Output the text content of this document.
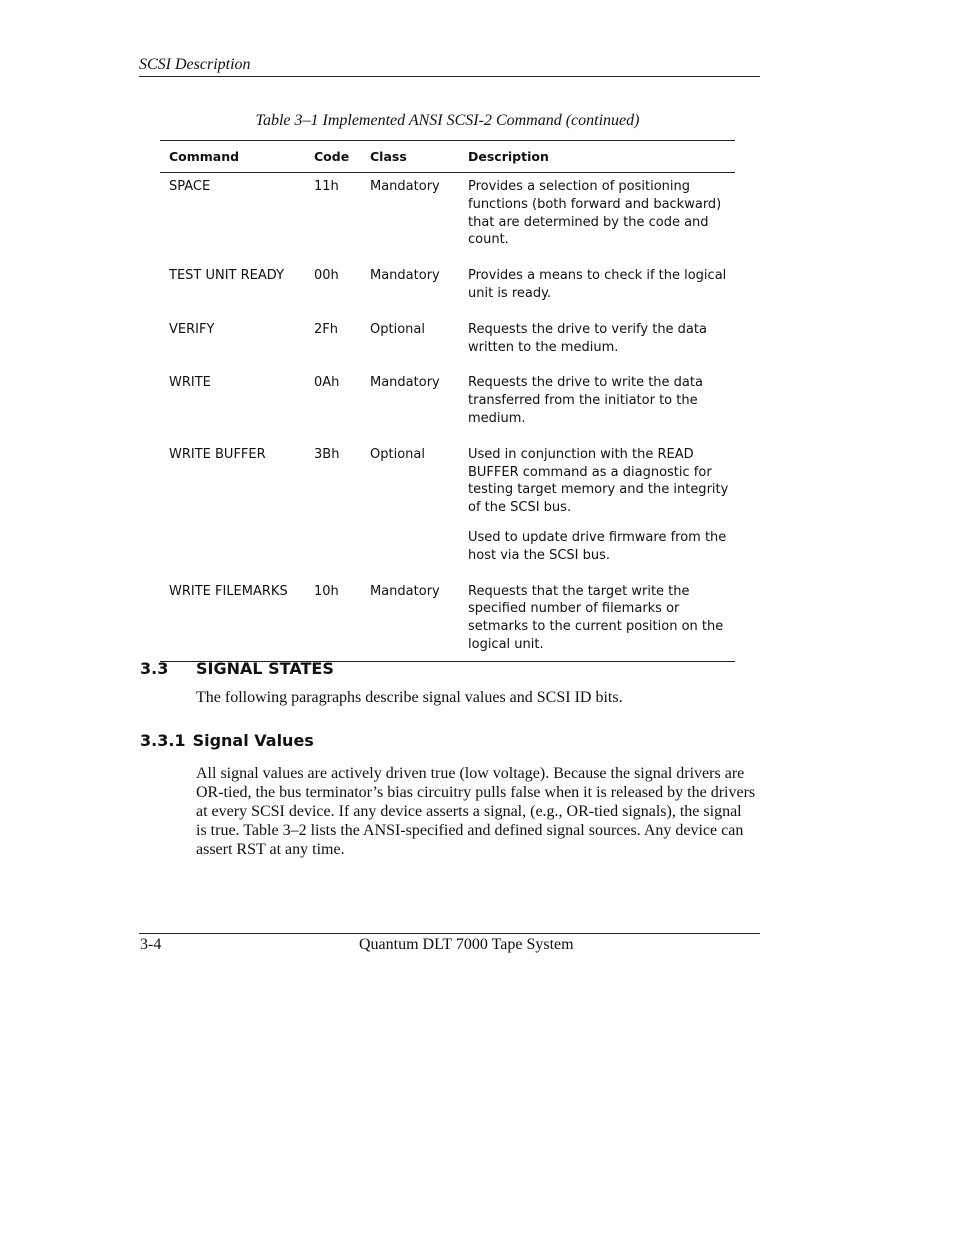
SCSI Description
Table 3–1 Implemented ANSI SCSI-2 Command (continued)
Command	Code	Class	Description
SPACE	11h	Mandatory	Provides a selection of positioning functions (both forward and backward) that are determined by the code and count.
TEST UNIT READY	00h	Mandatory	Provides a means to check if the logical unit is ready.
VERIFY	2Fh	Optional	Requests the drive to verify the data written to the medium.
WRITE	0Ah	Mandatory	Requests the drive to write the data transferred from the initiator to the medium.
WRITE BUFFER	3Bh	Optional	Used in conjunction with the READ BUFFER command as a diagnostic for testing target memory and the integrity of the SCSI bus.
Used to update drive firmware from the host via the SCSI bus.
WRITE FILEMARKS	10h	Mandatory	Requests that the target write the specified number of filemarks or setmarks to the current position on the logical unit.
3.3 SIGNAL STATES
The following paragraphs describe signal values and SCSI ID bits.
3.3.1 Signal Values
All signal values are actively driven true (low voltage). Because the signal drivers are OR-tied, the bus terminator’s bias circuitry pulls false when it is released by the drivers at every SCSI device. If any device asserts a signal, (e.g., OR-tied signals), the signal is true. Table 3–2 lists the ANSI-specified and defined signal sources. Any device can assert RST at any time.
3-4	Quantum DLT 7000 Tape System
